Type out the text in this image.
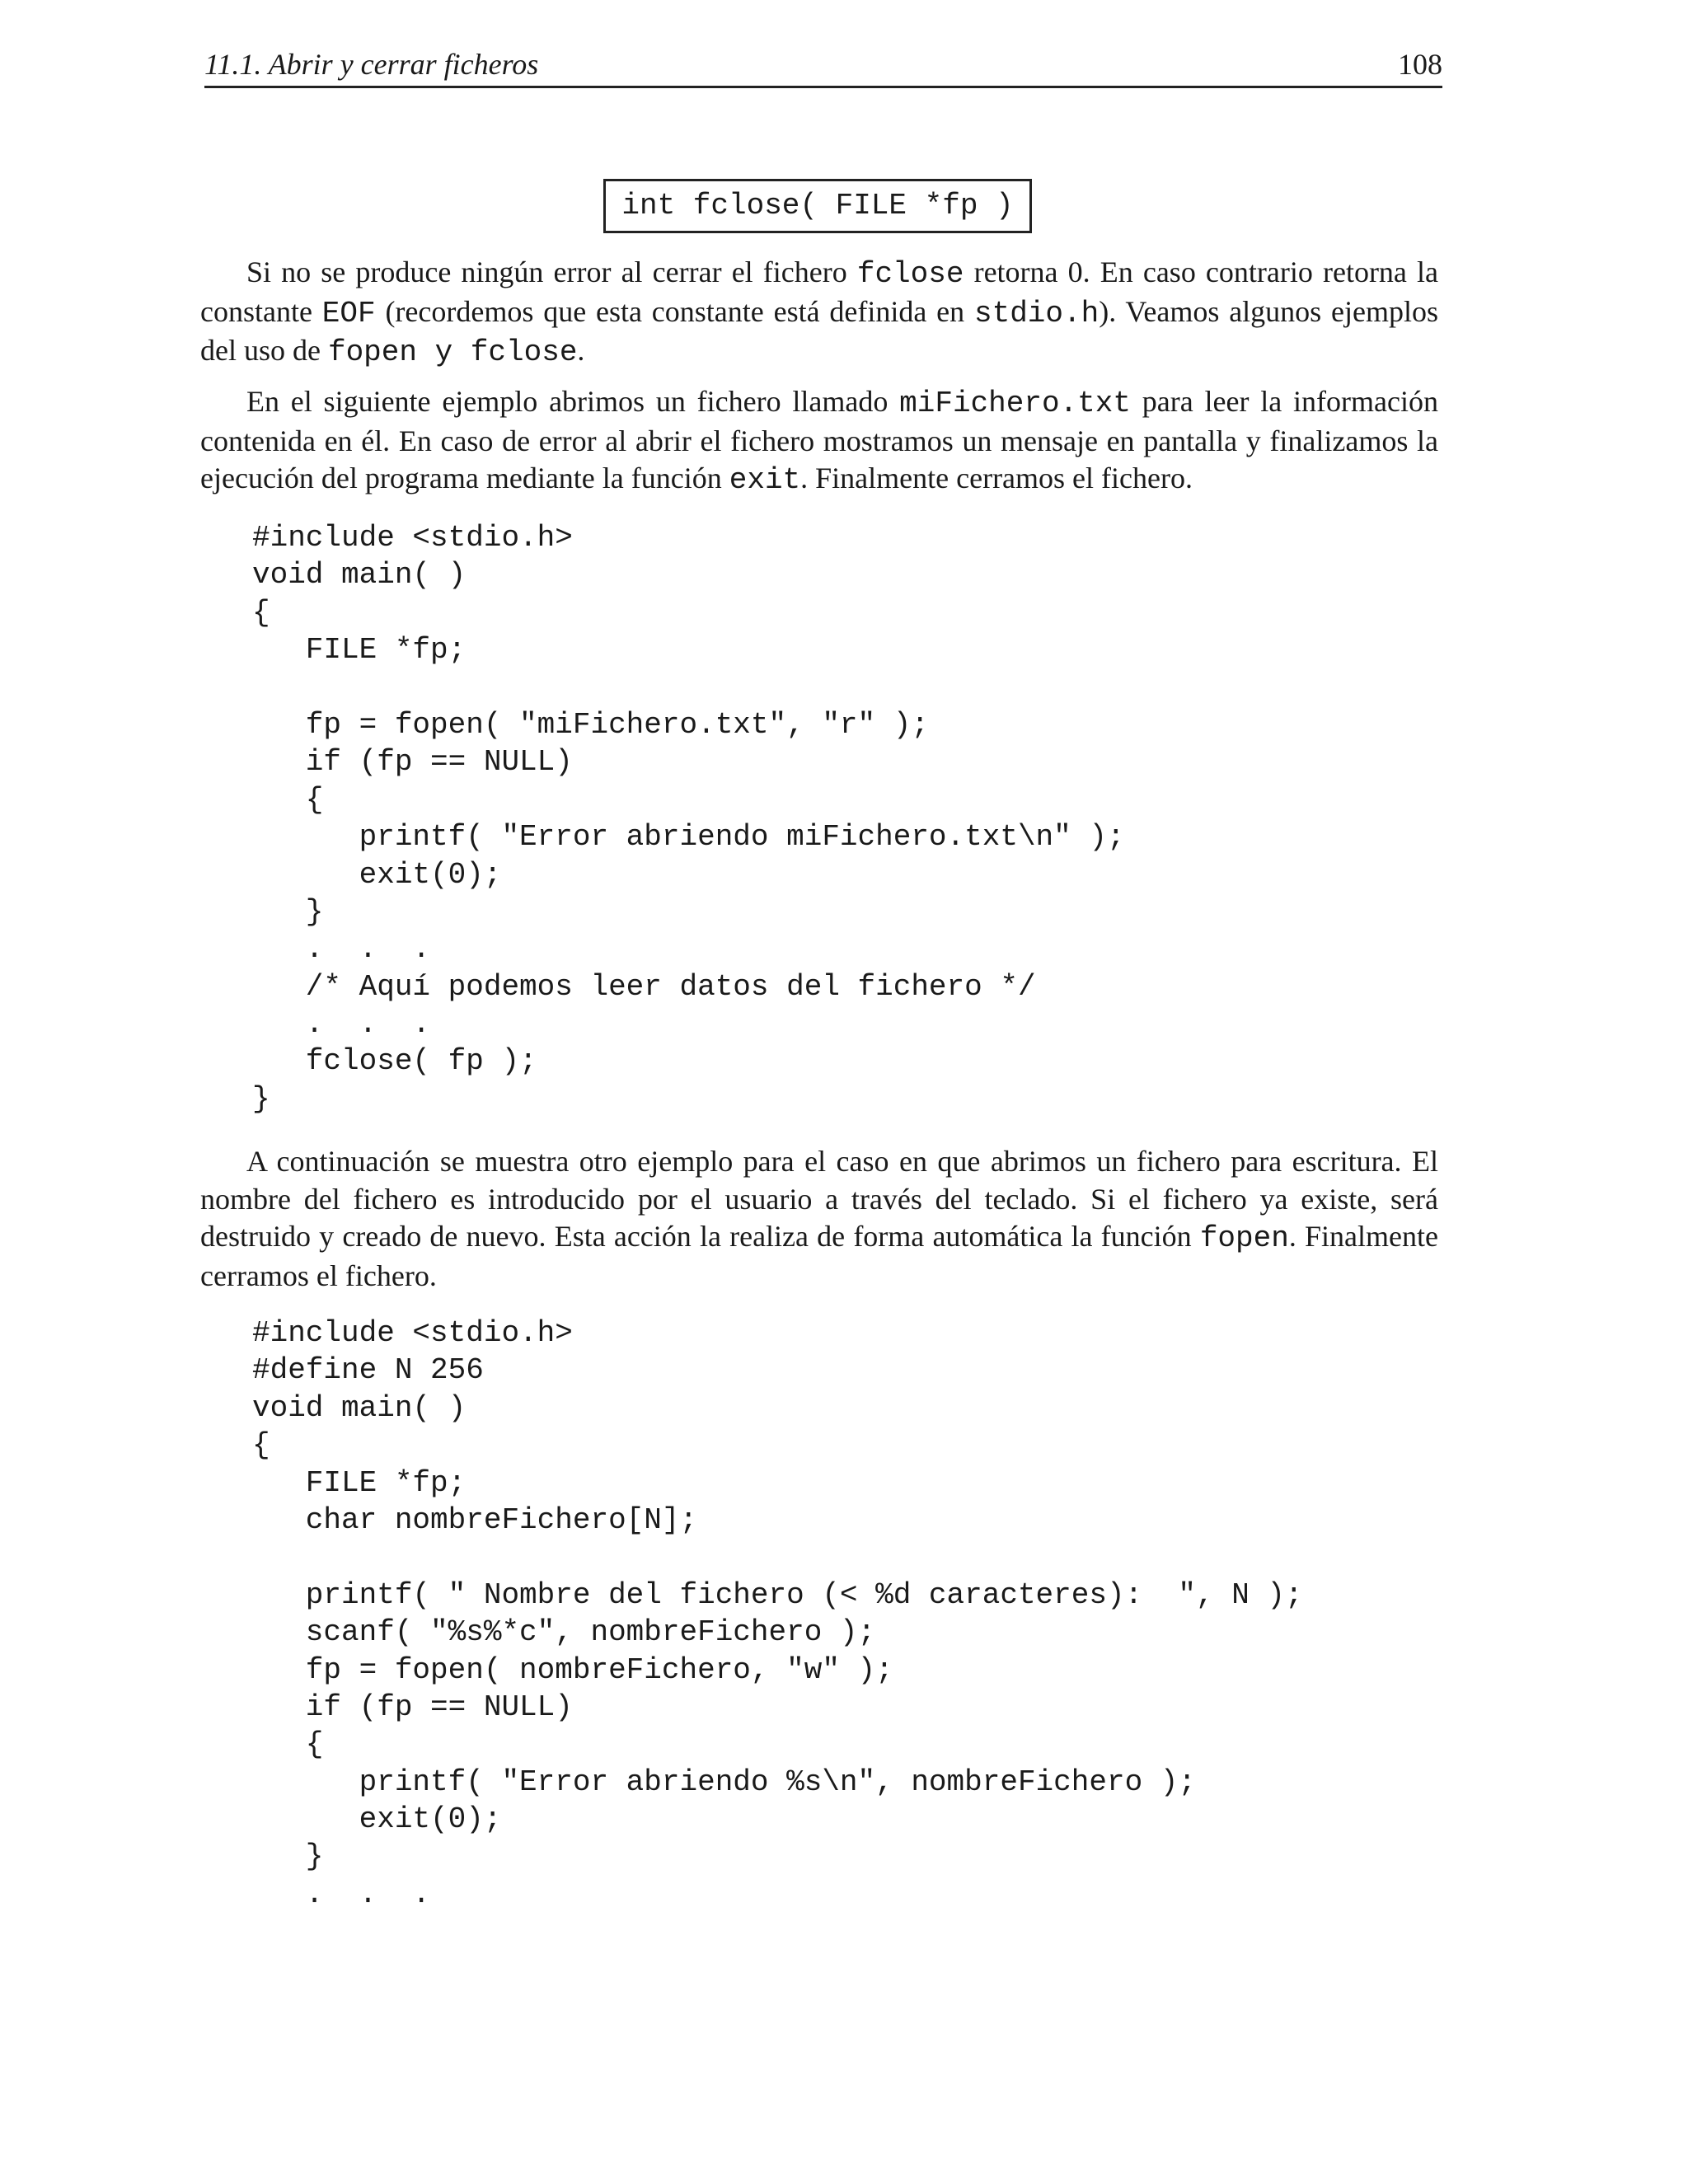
11.1. Abrir y cerrar ficheros	108
int fclose( FILE *fp )

Si no se produce ningún error al cerrar el fichero fclose retorna 0. En caso contrario retorna la constante EOF (recordemos que esta constante está definida en stdio.h). Veamos algunos ejemplos del uso de fopen y fclose.

En el siguiente ejemplo abrimos un fichero llamado miFichero.txt para leer la información contenida en él. En caso de error al abrir el fichero mostramos un mensaje en pantalla y finalizamos la ejecución del programa mediante la función exit. Finalmente cerramos el fichero.

#include <stdio.h>
void main( )
{
FILE *fp;
fp = fopen( "miFichero.txt", "r" );
if (fp == NULL)
{
printf( "Error abriendo miFichero.txt\n" );
exit(0);
}
.  .  .
/* Aquí podemos leer datos del fichero */
.  .  .
fclose( fp );
}

A continuación se muestra otro ejemplo para el caso en que abrimos un fichero para escritura. El nombre del fichero es introducido por el usuario a través del teclado. Si el fichero ya existe, será destruido y creado de nuevo. Esta acción la realiza de forma automática la función fopen. Finalmente cerramos el fichero.

#include <stdio.h>
#define N 256
void main( )
{
FILE *fp;
char nombreFichero[N];
printf( " Nombre del fichero (< %d caracteres):  ", N );
scanf( "%s%*c", nombreFichero );
fp = fopen( nombreFichero, "w" );
if (fp == NULL)
{
printf( "Error abriendo %s\n", nombreFichero );
exit(0);
}
.  .  .
